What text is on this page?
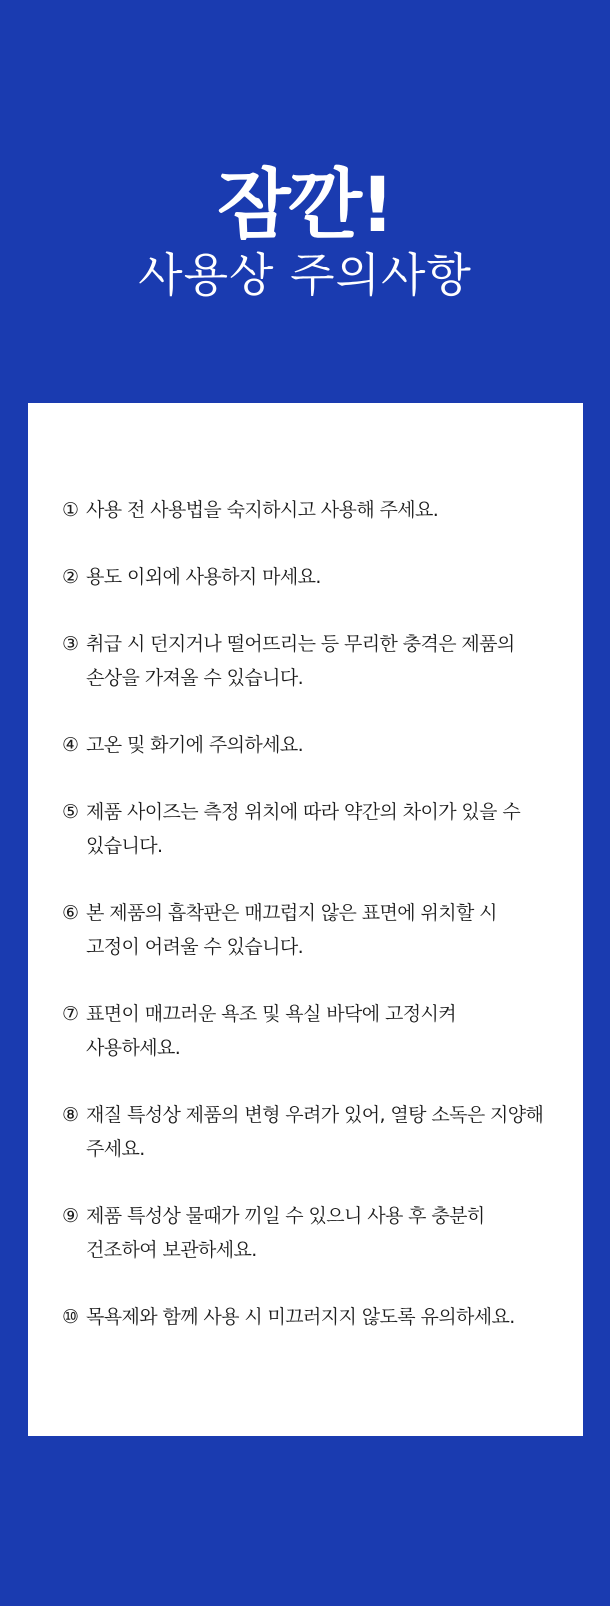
잠깐!
사용상 주의사항
① 사용 전 사용법을 숙지하시고 사용해 주세요.
② 용도 이외에 사용하지 마세요.
③ 취급 시 던지거나 떨어뜨리는 등 무리한 충격은 제품의 손상을 가져올 수 있습니다.
④ 고온 및 화기에 주의하세요.
⑤ 제품 사이즈는 측정 위치에 따라 약간의 차이가 있을 수 있습니다.
⑥ 본 제품의 흡착판은 매끄럽지 않은 표면에 위치할 시 고정이 어려울 수 있습니다.
⑦ 표면이 매끄러운 욕조 및 욕실 바닥에 고정시켜 사용하세요.
⑧ 재질 특성상 제품의 변형 우려가 있어, 열탕 소독은 지양해 주세요.
⑨ 제품 특성상 물때가 끼일 수 있으니 사용 후 충분히 건조하여 보관하세요.
⑩ 목욕제와 함께 사용 시 미끄러지지 않도록 유의하세요.
